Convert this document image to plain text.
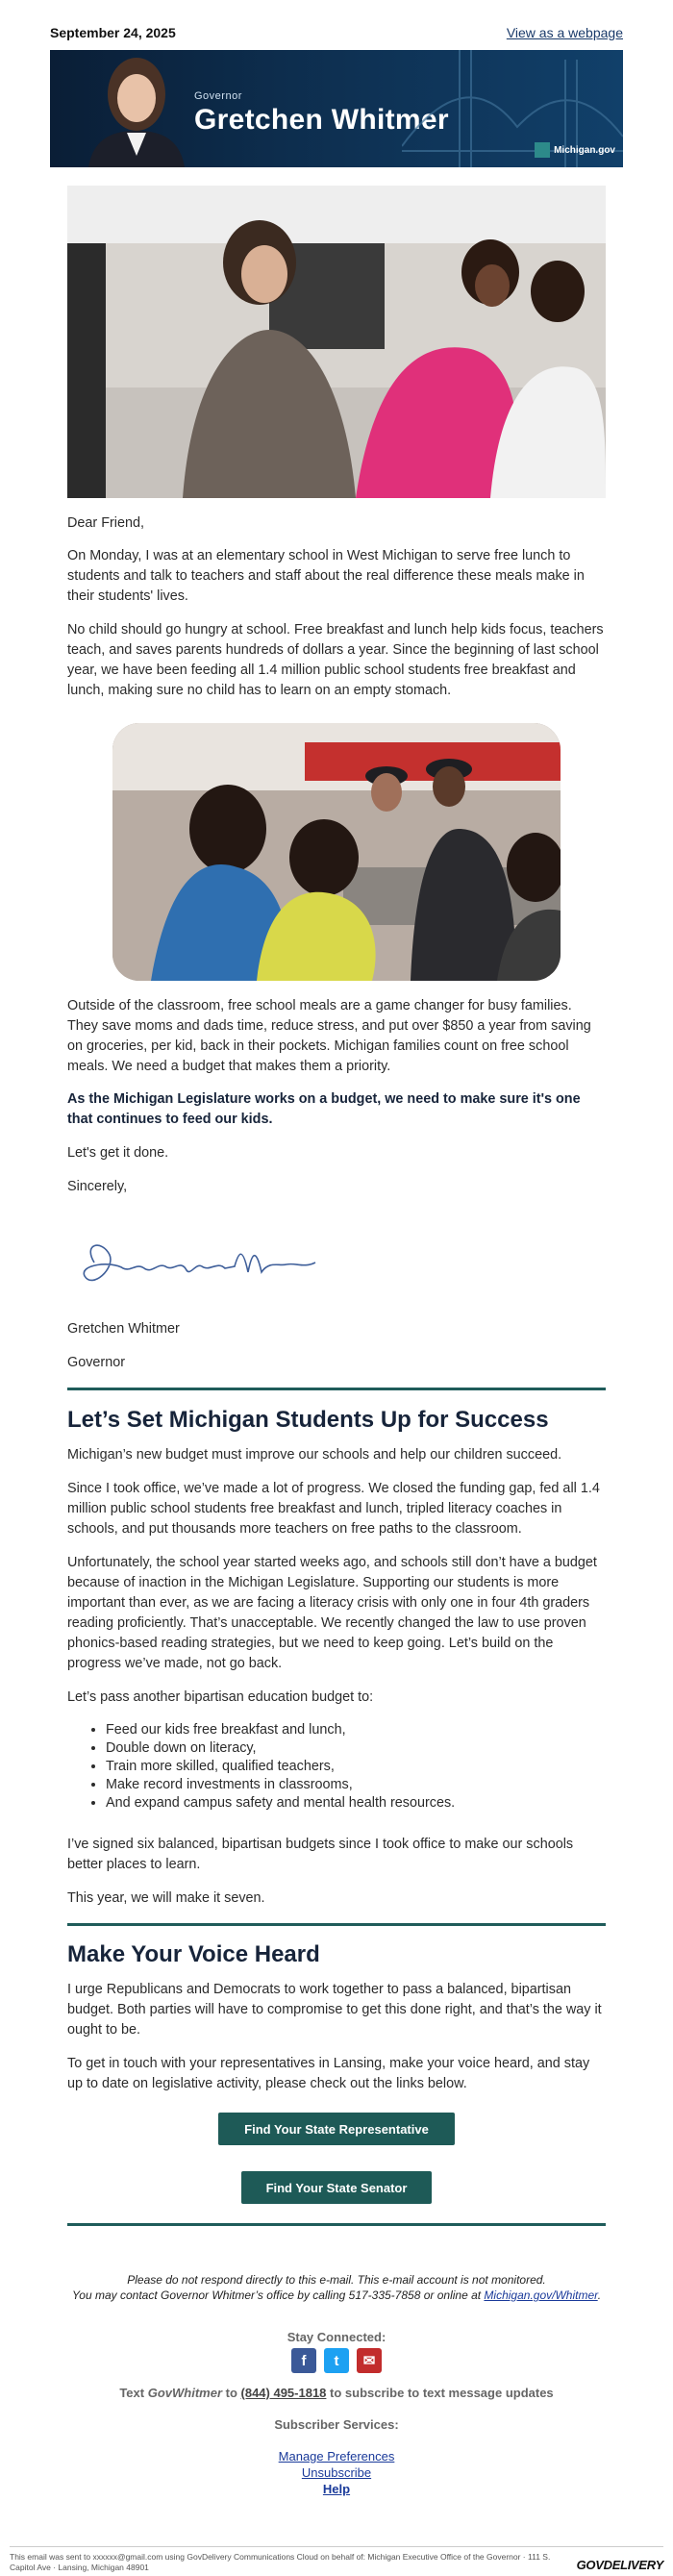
September 24, 2025	View as a webpage
Governor
Gretchen Whitmer
Michigan.gov

Dear Friend,

On Monday, I was at an elementary school in West Michigan to serve free lunch to students and talk to teachers and staff about the real difference these meals make in their students' lives.

No child should go hungry at school. Free breakfast and lunch help kids focus, teachers teach, and saves parents hundreds of dollars a year. Since the beginning of last school year, we have been feeding all 1.4 million public school students free breakfast and lunch, making sure no child has to learn on an empty stomach.

Outside of the classroom, free school meals are a game changer for busy families. They save moms and dads time, reduce stress, and put over $850 a year from saving on groceries, per kid, back in their pockets. Michigan families count on free school meals. We need a budget that makes them a priority.

As the Michigan Legislature works on a budget, we need to make sure it's one that continues to feed our kids.

Let's get it done.

Sincerely,

Gretchen Whitmer

Governor

Let’s Set Michigan Students Up for Success

Michigan’s new budget must improve our schools and help our children succeed.

Since I took office, we’ve made a lot of progress. We closed the funding gap, fed all 1.4 million public school students free breakfast and lunch, tripled literacy coaches in schools, and put thousands more teachers on free paths to the classroom.

Unfortunately, the school year started weeks ago, and schools still don’t have a budget because of inaction in the Michigan Legislature. Supporting our students is more important than ever, as we are facing a literacy crisis with only one in four 4th graders reading proficiently. That’s unacceptable. We recently changed the law to use proven phonics-based reading strategies, but we need to keep going. Let’s build on the progress we’ve made, not go back.

Let’s pass another bipartisan education budget to:

• Feed our kids free breakfast and lunch,
• Double down on literacy,
• Train more skilled, qualified teachers,
• Make record investments in classrooms,
• And expand campus safety and mental health resources.

I’ve signed six balanced, bipartisan budgets since I took office to make our schools better places to learn.

This year, we will make it seven.

Make Your Voice Heard

I urge Republicans and Democrats to work together to pass a balanced, bipartisan budget. Both parties will have to compromise to get this done right, and that’s the way it ought to be.

To get in touch with your representatives in Lansing, make your voice heard, and stay up to date on legislative activity, please check out the links below.

Find Your State Representative
Find Your State Senator

Please do not respond directly to this e-mail. This e-mail account is not monitored.

You may contact Governor Whitmer’s office by calling 517-335-7858 or online at Michigan.gov/Whitmer.

Stay Connected:
f	t	✉
Text GovWhitmer to (844) 495-1818 to subscribe to text message updates
Subscriber Services:
Manage Preferences
Unsubscribe
Help

This email was sent to xxxxxx@gmail.com using GovDelivery Communications Cloud on behalf of: Michigan Executive Office of the Governor · 111 S. Capitol Ave · Lansing, Michigan 48901	GOVDELIVERY
